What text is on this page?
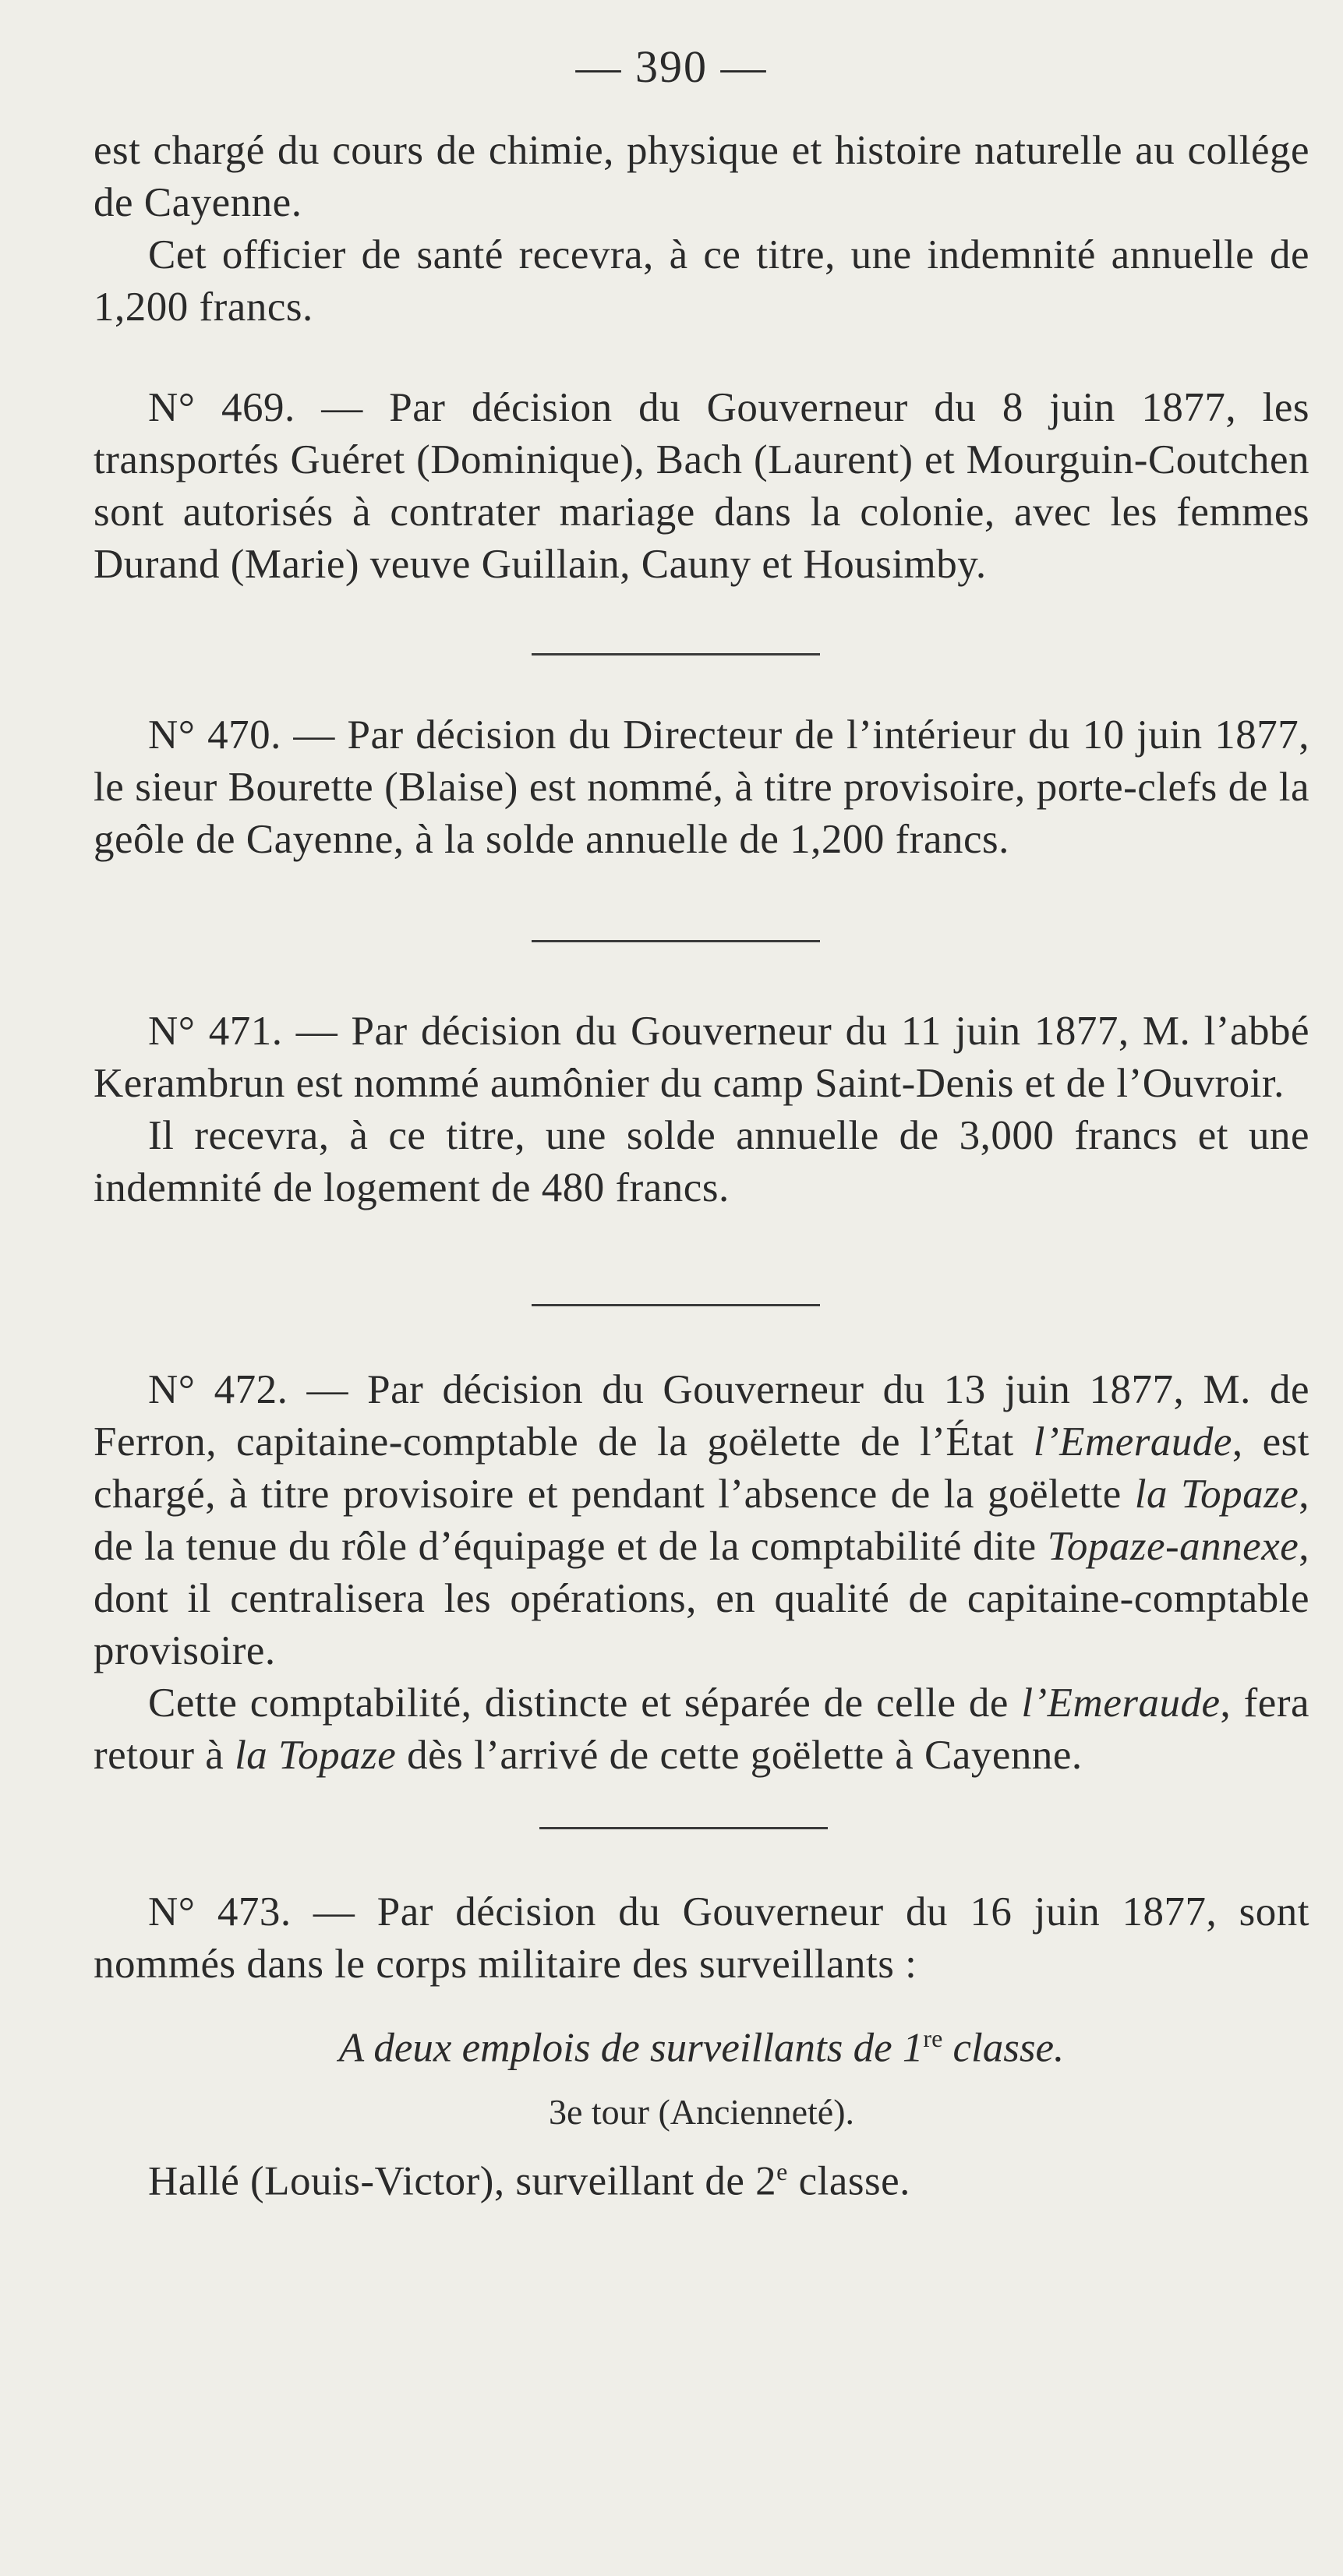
— 390 —

est chargé du cours de chimie, physique et histoire naturelle au collége de Cayenne.

Cet officier de santé recevra, à ce titre, une indemnité annuelle de 1,200 francs.

N° 469. — Par décision du Gouverneur du 8 juin 1877, les transportés Guéret (Dominique), Bach (Laurent) et Mourguin-Coutchen sont autorisés à contrater mariage dans la colonie, avec les femmes Durand (Marie) veuve Guillain, Cauny et Housimby.

N° 470. — Par décision du Directeur de l’intérieur du 10 juin 1877, le sieur Bourette (Blaise) est nommé, à titre provisoire, porte-clefs de la geôle de Cayenne, à la solde annuelle de 1,200 francs.

N° 471. — Par décision du Gouverneur du 11 juin 1877, M. l’abbé Kerambrun est nommé aumônier du camp Saint-Denis et de l’Ouvroir.

Il recevra, à ce titre, une solde annuelle de 3,000 francs et une indemnité de logement de 480 francs.

N° 472. — Par décision du Gouverneur du 13 juin 1877, M. de Ferron, capitaine-comptable de la goëlette de l’État l’Emeraude, est chargé, à titre provisoire et pendant l’absence de la goëlette la Topaze, de la tenue du rôle d’équipage et de la comptabilité dite Topaze-annexe, dont il centralisera les opérations, en qualité de capitaine-comptable provisoire.

Cette comptabilité, distincte et séparée de celle de l’Emeraude, fera retour à la Topaze dès l’arrivé de cette goëlette à Cayenne.

N° 473. — Par décision du Gouverneur du 16 juin 1877, sont nommés dans le corps militaire des surveillants :

A deux emplois de surveillants de 1re classe.

3e tour (Ancienneté).

Hallé (Louis-Victor), surveillant de 2e classe.
